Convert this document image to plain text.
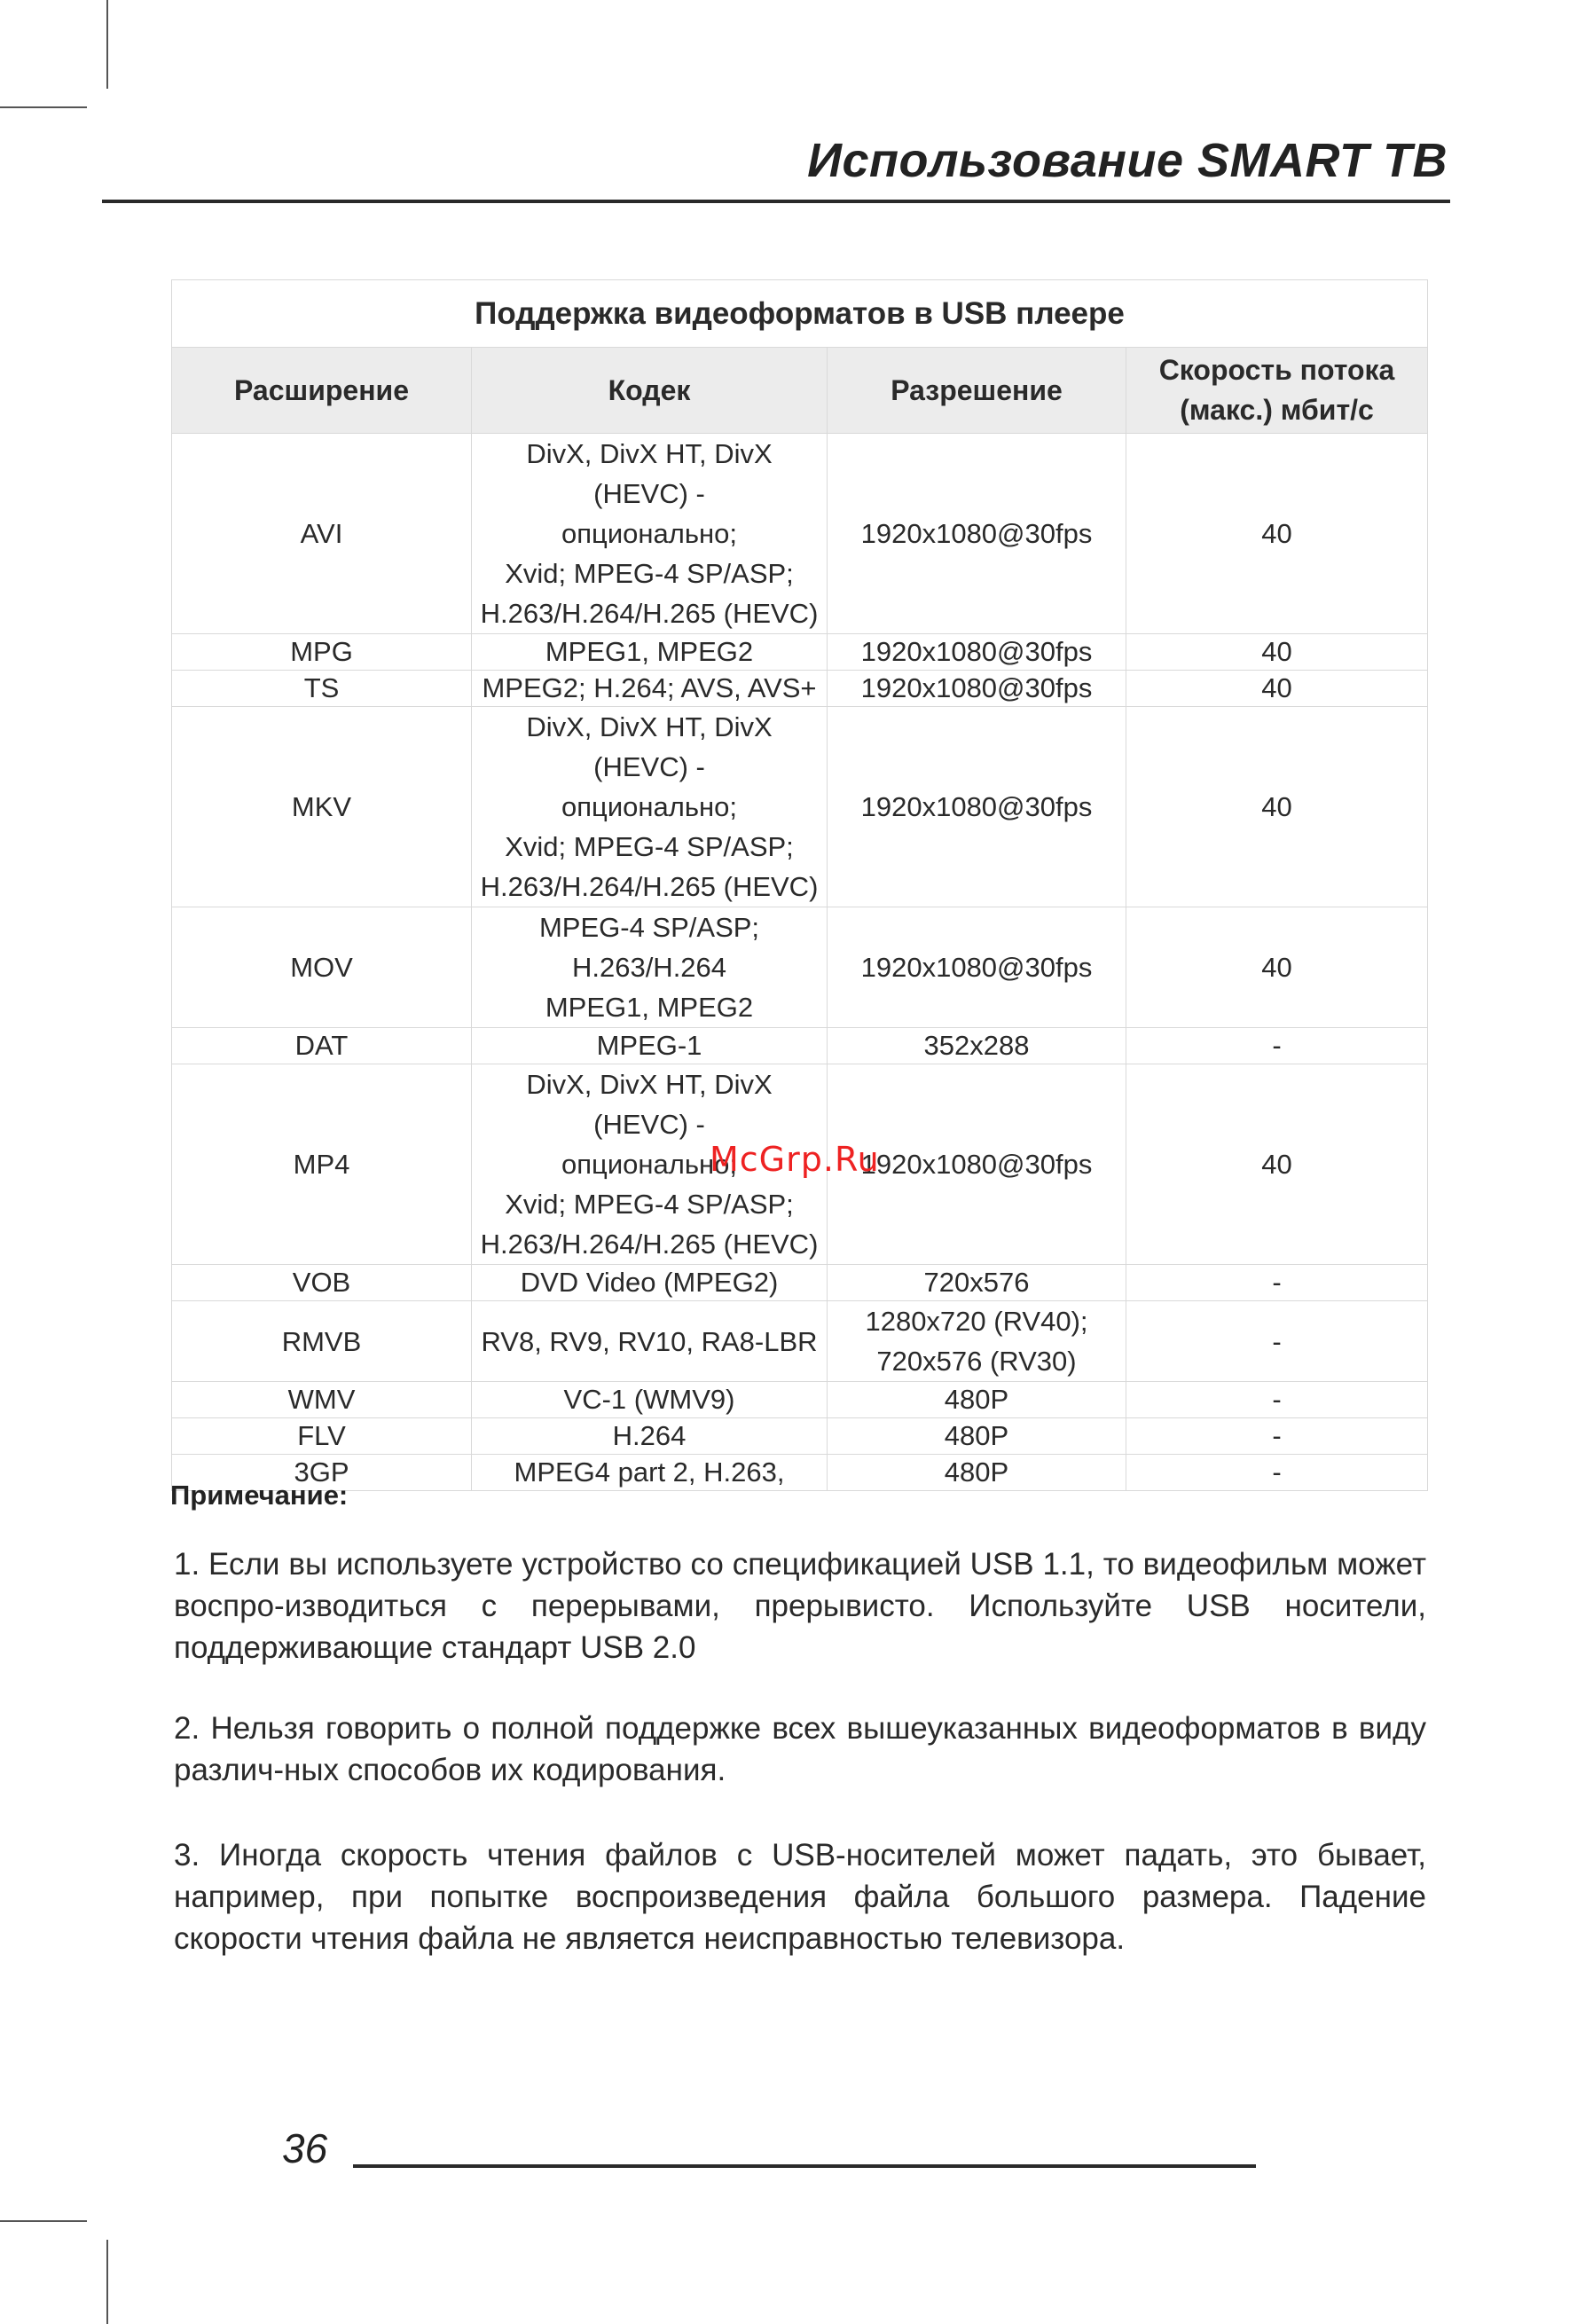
Использование SMART TB
Поддержка видеоформатов в USB плеере			
Расширение	Кодек	Разрешение	Скорость потока
(макс.) мбит/с

AVI	DivX, DivX HT, DivX (HEVC) -
опционально;
Xvid; MPEG-4 SP/ASP;
H.263/H.264/H.265 (HEVC)	1920x1080@30fps	40
MPG	MPEG1, MPEG2	1920x1080@30fps	40
TS	MPEG2; H.264; AVS, AVS+	1920x1080@30fps	40
MKV	DivX, DivX HT, DivX (HEVC) -
опционально;
Xvid; MPEG-4 SP/ASP;
H.263/H.264/H.265 (HEVC)	1920x1080@30fps	40
MOV	MPEG-4 SP/ASP;
H.263/H.264
MPEG1, MPEG2	1920x1080@30fps	40
DAT	MPEG-1	352x288	-
MP4	DivX, DivX HT, DivX (HEVC) -
опционально;
Xvid; MPEG-4 SP/ASP;
H.263/H.264/H.265 (HEVC)	1920x1080@30fps	40
VOB	DVD Video (MPEG2)	720x576	-
RMVB	RV8, RV9, RV10, RA8-LBR	1280x720 (RV40);
720x576 (RV30)	-
WMV	VC-1 (WMV9)	480P	-
FLV	H.264	480P	-
3GP	MPEG4 part 2, H.263,	480P	-
McGrp.Ru
Примечание:
1. Если вы используете устройство со спецификацией USB 1.1, то видеофильм может воспро-изводиться с перерывами, прерывисто. Используйте USB носители, поддерживающие стандарт USB 2.0
2. Нельзя говорить о полной поддержке всех вышеуказанных видеоформатов в виду различ-ных способов их кодирования.
3. Иногда скорость чтения файлов с USB-носителей может падать, это бывает, например, при попытке воспроизведения файла большого размера. Падение скорости чтения файла не является неисправностью телевизора.
36
